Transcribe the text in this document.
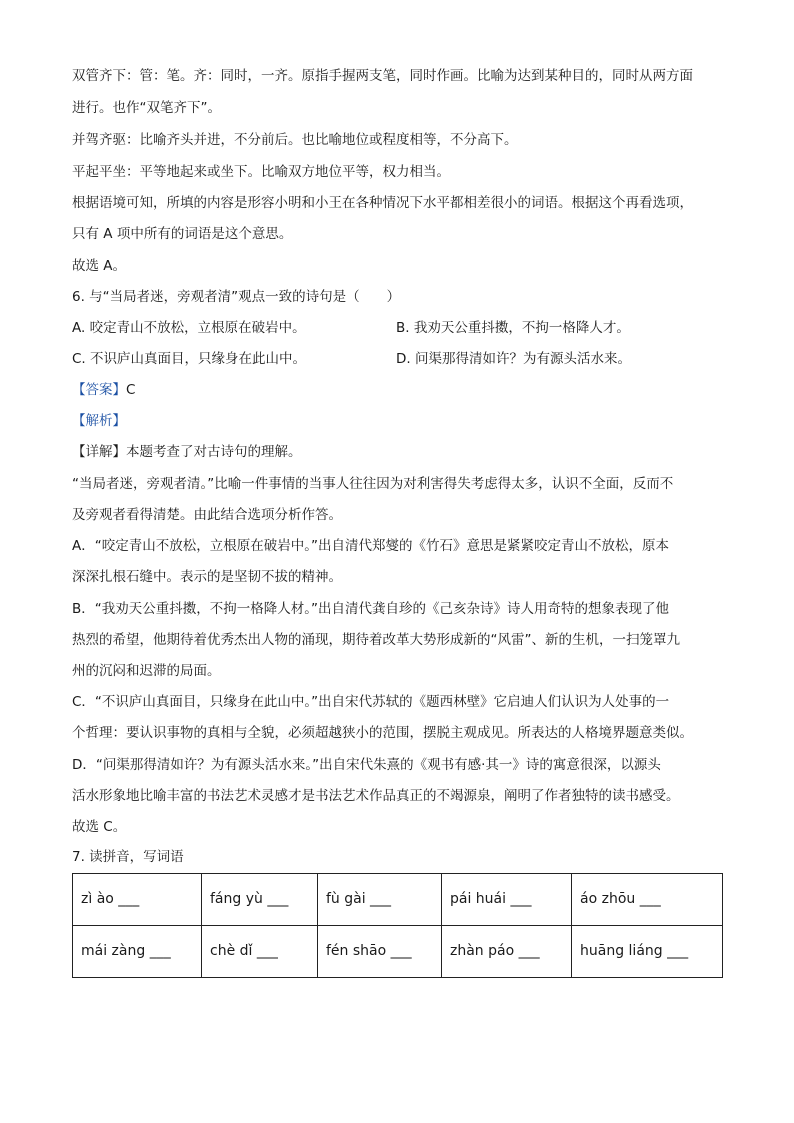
双管齐下：管：笔。齐：同时，一齐。原指手握两支笔，同时作画。比喻为达到某种目的，同时从两方面
进行。也作“双笔齐下”。
并驾齐驱：比喻齐头并进，不分前后。也比喻地位或程度相等，不分高下。
平起平坐：平等地起来或坐下。比喻双方地位平等，权力相当。
根据语境可知，所填的内容是形容小明和小王在各种情况下水平都相差很小的词语。根据这个再看选项，
只有 A 项中所有的词语是这个意思。
故选 A。
6. 与“当局者迷，旁观者清”观点一致的诗句是（　　）
A. 咬定青山不放松，立根原在破岩中。	B. 我劝天公重抖擞，不拘一格降人才。
C. 不识庐山真面目，只缘身在此山中。	D. 问渠那得清如许？为有源头活水来。
【答案】C
【解析】
【详解】本题考查了对古诗句的理解。
“当局者迷，旁观者清。”比喻一件事情的当事人往往因为对利害得失考虑得太多，认识不全面，反而不
及旁观者看得清楚。由此结合选项分析作答。
A．“咬定青山不放松，立根原在破岩中。”出自清代郑燮的《竹石》意思是紧紧咬定青山不放松，原本
深深扎根石缝中。表示的是坚韧不拔的精神。
B．“我劝天公重抖擞，不拘一格降人材。”出自清代龚自珍的《己亥杂诗》诗人用奇特的想象表现了他
热烈的希望，他期待着优秀杰出人物的涌现，期待着改革大势形成新的“风雷”、新的生机，一扫笼罩九
州的沉闷和迟滞的局面。
C．“不识庐山真面目，只缘身在此山中。”出自宋代苏轼的《题西林壁》它启迪人们认识为人处事的一
个哲理：要认识事物的真相与全貌，必须超越狭小的范围，摆脱主观成见。所表达的人格境界题意类似。
D．“问渠那得清如许？为有源头活水来。”出自宋代朱熹的《观书有感·其一》诗的寓意很深，以源头
活水形象地比喻丰富的书法艺术灵感才是书法艺术作品真正的不竭源泉，阐明了作者独特的读书感受。
故选 C。
7. 读拼音，写词语
zì ào ___	fáng yù ___	fù gài ___	pái huái ___	áo zhōu ___
mái zàng ___	chè dǐ ___	fén shāo ___	zhàn páo ___	huāng liáng ___
